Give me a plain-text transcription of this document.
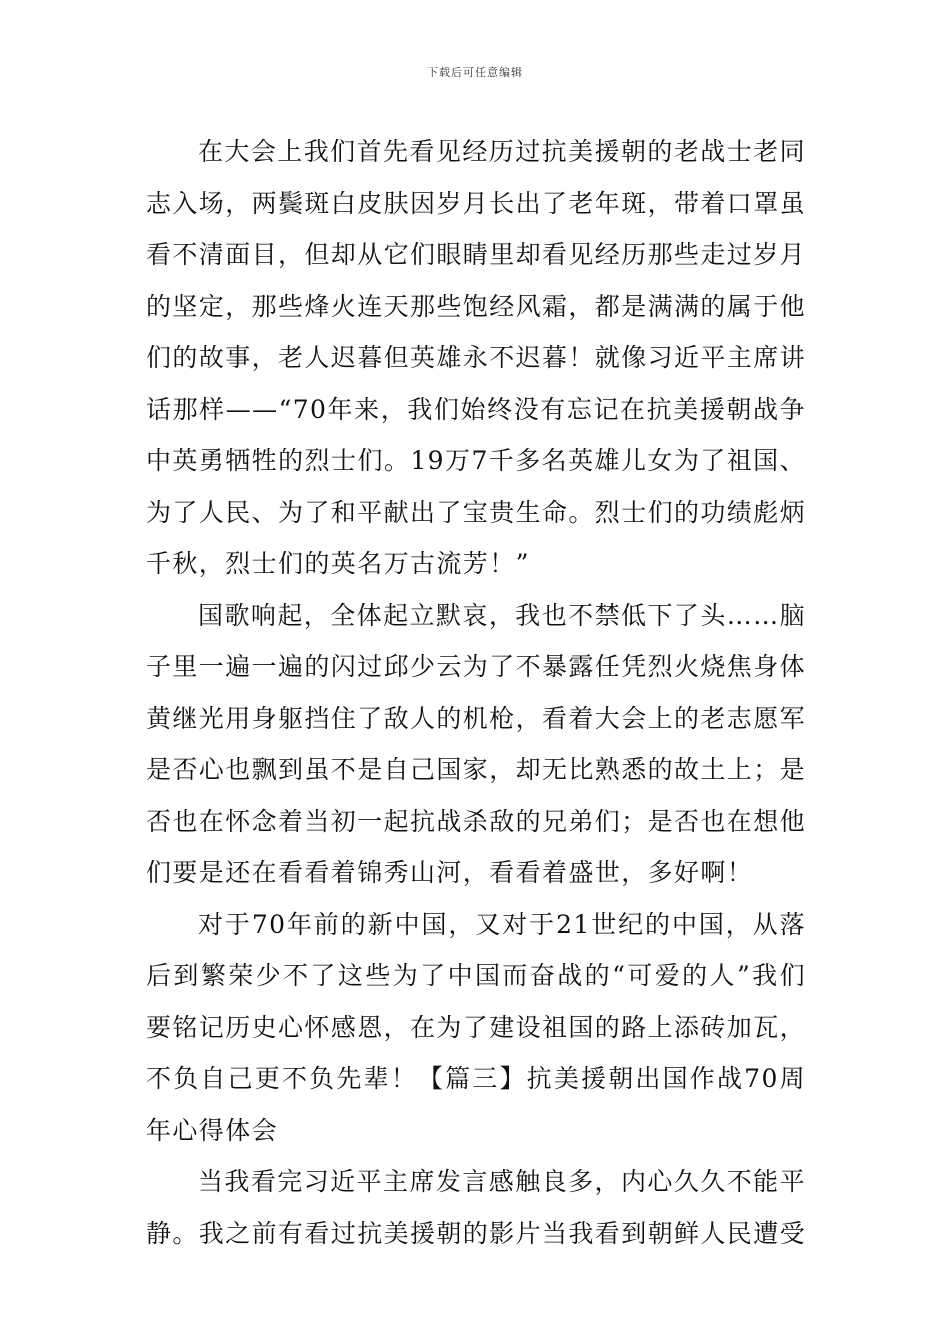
下载后可任意编辑

在大会上我们首先看见经历过抗美援朝的老战士老同志入场，两鬓斑白皮肤因岁月长出了老年斑，带着口罩虽看不清面目，但却从它们眼睛里却看见经历那些走过岁月的坚定，那些烽火连天那些饱经风霜，都是满满的属于他们的故事，老人迟暮但英雄永不迟暮！就像习近平主席讲话那样——“70年来，我们始终没有忘记在抗美援朝战争中英勇牺牲的烈士们。19万7千多名英雄儿女为了祖国、为了人民、为了和平献出了宝贵生命。烈士们的功绩彪炳千秋，烈士们的英名万古流芳！”

国歌响起，全体起立默哀，我也不禁低下了头……脑子里一遍一遍的闪过邱少云为了不暴露任凭烈火烧焦身体黄继光用身躯挡住了敌人的机枪，看着大会上的老志愿军是否心也飘到虽不是自己国家，却无比熟悉的故土上；是否也在怀念着当初一起抗战杀敌的兄弟们；是否也在想他们要是还在看看着锦秀山河，看看着盛世，多好啊！

对于70年前的新中国，又对于21世纪的中国，从落后到繁荣少不了这些为了中国而奋战的“可爱的人”我们要铭记历史心怀感恩，在为了建设祖国的路上添砖加瓦，不负自己更不负先辈！【篇三】抗美援朝出国作战70周年心得体会

当我看完习近平主席发言感触良多，内心久久不能平静。我之前有看过抗美援朝的影片当我看到朝鲜人民遭受
